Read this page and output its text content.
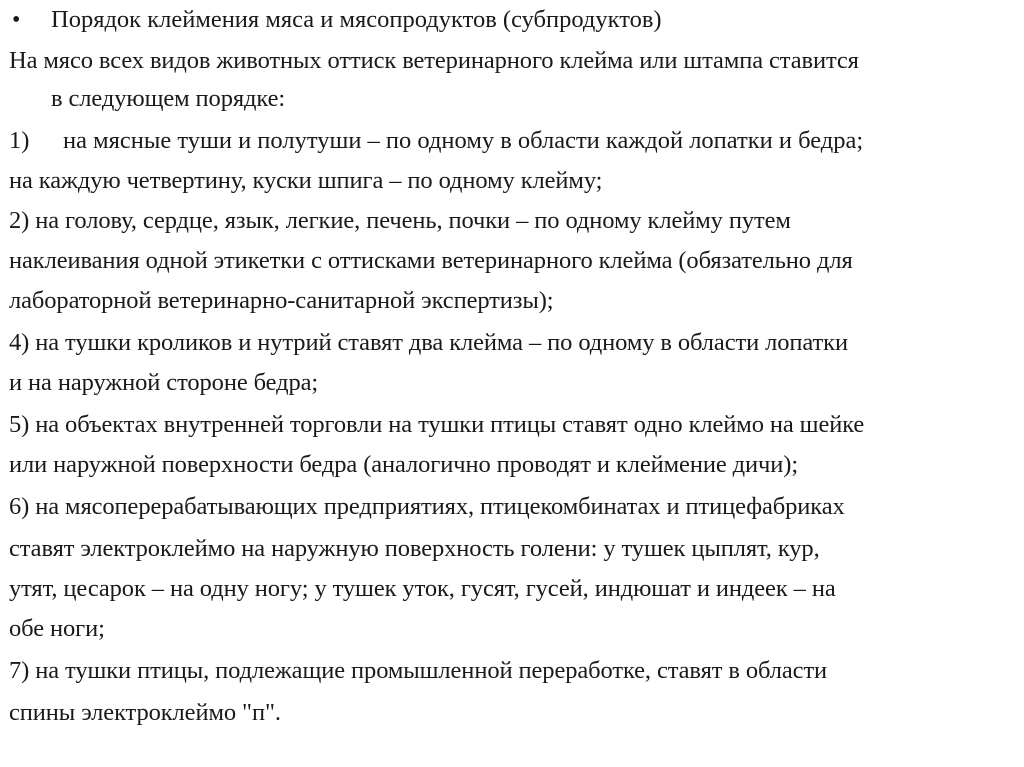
• Порядок клеймения мяса и мясопродуктов (субпродуктов)
На мясо всех видов животных оттиск ветеринарного клейма или штампа ставится
в следующем порядке:
1) на мясные туши и полутуши – по одному в области каждой лопатки и бедра;
на каждую четвертину, куски шпига – по одному клейму;
2) на голову, сердце, язык, легкие, печень, почки – по одному клейму путем
наклеивания одной этикетки с оттисками ветеринарного клейма (обязательно для
лабораторной ветеринарно-санитарной экспертизы);
4) на тушки кроликов и нутрий ставят два клейма – по одному в области лопатки
и на наружной стороне бедра;
5) на объектах внутренней торговли на тушки птицы ставят одно клеймо на шейке
или наружной поверхности бедра (аналогично проводят и клеймение дичи);
6) на мясоперерабатывающих предприятиях, птицекомбинатах и птицефабриках
ставят электроклеймо на наружную поверхность голени: у тушек цыплят, кур,
утят, цесарок – на одну ногу; у тушек уток, гусят, гусей, индюшат и индеек – на
обе ноги;
7) на тушки птицы, подлежащие промышленной переработке, ставят в области
спины электроклеймо "п".
